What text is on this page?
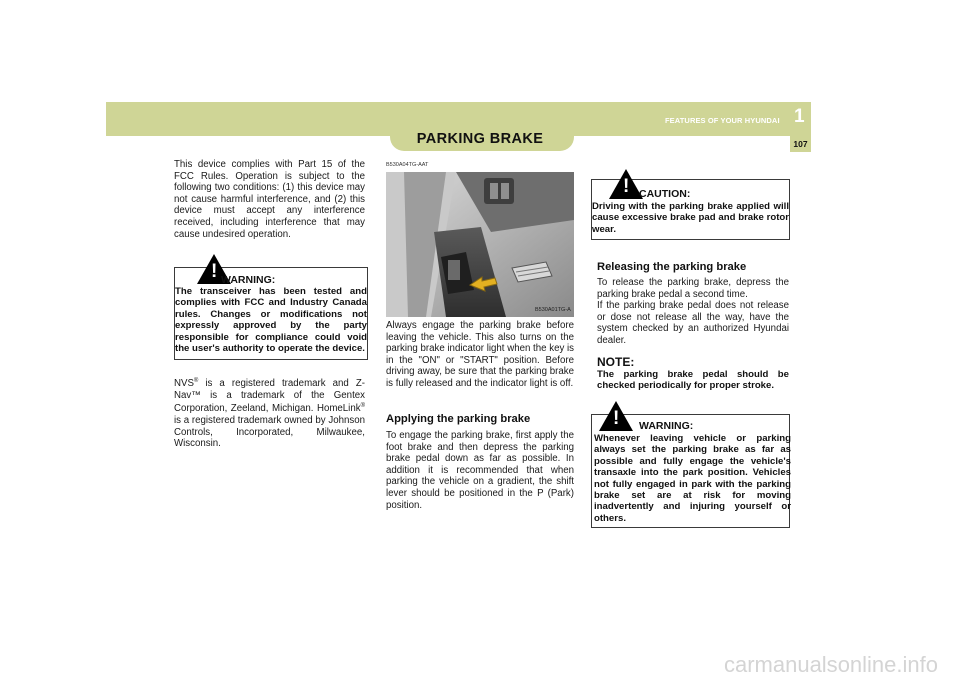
PARKING BRAKE
FEATURES OF YOUR HYUNDAI 1
107

This device complies with Part 15 of the FCC Rules. Operation is subject to the following two conditions: (1) this device may not cause harmful interference, and (2) this device must accept any interference received, including interference that may cause undesired operation.

! WARNING:
The transceiver has been tested and complies with FCC and Industry Canada rules. Changes or modifications not expressly approved by the party responsible for compliance could void the user's authority to operate the device.

NVS® is a registered trademark and Z-Nav™ is a trademark of the Gentex Corporation, Zeeland, Michigan. HomeLink® is a registered trademark owned by Johnson Controls, Incorporated, Milwaukee, Wisconsin.

B530A04TG-AAT
B530A01TG-A

Always engage the parking brake before leaving the vehicle. This also turns on the parking brake indicator light when the key is in the "ON" or "START" position. Before driving away, be sure that the parking brake is fully released and the indicator light is off.

Applying the parking brake

To engage the parking brake, first apply the foot brake and then depress the parking brake pedal down as far as possible. In addition it is recommended that when parking the vehicle on a gradient, the shift lever should be positioned in the P (Park) position.

! CAUTION:
Driving with the parking brake applied will cause excessive brake pad and brake rotor wear.
Releasing the parking brake

To release the parking brake, depress the parking brake pedal a second time.
If the parking brake pedal does not release or dose not release all the way, have the system checked by an authorized Hyundai dealer.

NOTE:

The parking brake pedal should be checked periodically for proper stroke.

! WARNING:
Whenever leaving vehicle or parking always set the parking brake as far as possible and fully engage the vehicle's transaxle into the park position. Vehicles not fully engaged in park with the parking brake set are at risk for moving inadvertently and injuring yourself or others.
carmanualsonline.info
